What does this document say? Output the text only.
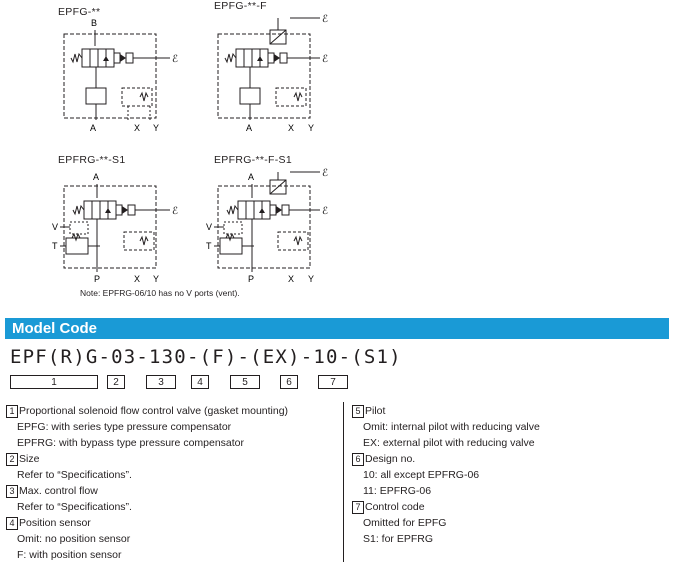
EPFG-**	EPFG-**-F
EPFRG-**-S1	EPFRG-**-F-S1
B
ℰ
A	X Y
ℰ
ℰ
A	X Y
A
ℰ
V
T
P	X Y
A	ℰ
ℰ
V
T
P	X Y
Note: EPFRG-06/10 has no V ports (vent).
Model Code
EPF(R)G-03-130-(F)-(EX)-10-(S1)
1	2	3	4	5	6	7
1 Proportional solenoid flow control valve (gasket mounting)
EPFG: with series type pressure compensator
EPFRG: with bypass type pressure compensator
2 Size
Refer to “Specifications”.
3 Max. control flow
Refer to “Specifications”.
4 Position sensor
Omit: no position sensor
F: with position sensor
5 Pilot
Omit: internal pilot with reducing valve
EX: external pilot with reducing valve
6 Design no.
10: all except EPFRG-06
11: EPFRG-06
7 Control code
Omitted for EPFG
S1: for EPFRG
